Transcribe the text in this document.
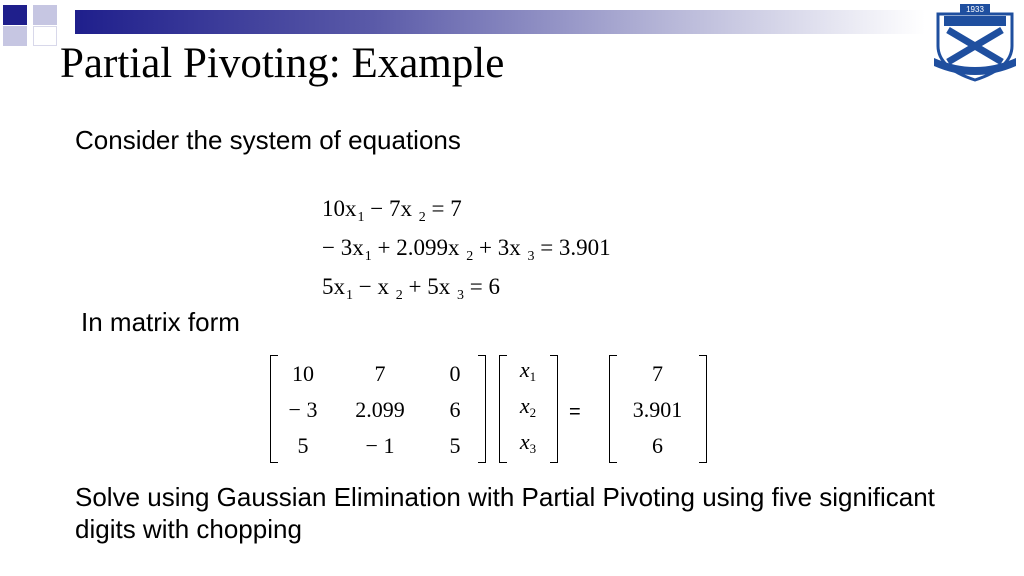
Partial Pivoting: Example
1933

Consider the system of equations

$10x_1 - 7x$ $_2$ = 7
− $3x_1 + 2.099x$ $_2$ + 3x $_3$ = 3.901
$5x_1 - x$ $_2$ + 5x $_3$ = 6

In matrix form

10	7	0
− 3	2.099	6
5	− 1	5
$x_1$
$x_2$
$x_3$
=
7
3.901
6

Solve using Gaussian Elimination with Partial Pivoting using five significant digits with chopping
